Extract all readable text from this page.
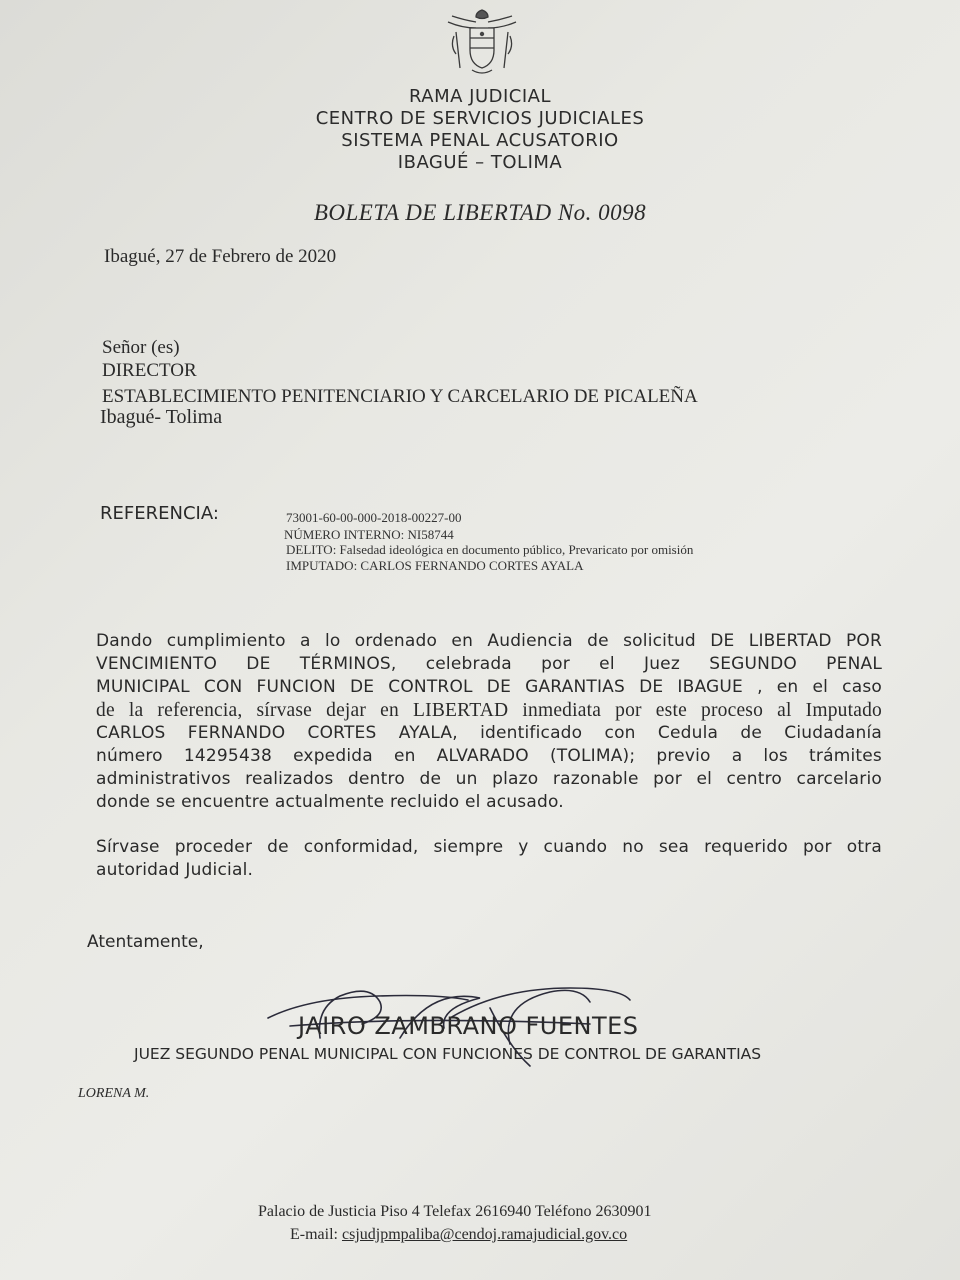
RAMA JUDICIAL
CENTRO DE SERVICIOS JUDICIALES
SISTEMA PENAL ACUSATORIO
IBAGUÉ – TOLIMA
BOLETA DE LIBERTAD No. 0098
Ibagué, 27 de Febrero de 2020
Señor (es)
DIRECTOR
ESTABLECIMIENTO PENITENCIARIO Y CARCELARIO DE PICALEÑA
Ibagué- Tolima
REFERENCIA:	73001-60-00-000-2018-00227-00
NÚMERO INTERNO: NI58744
DELITO: Falsedad ideológica en documento público, Prevaricato por omisión
IMPUTADO: CARLOS FERNANDO CORTES AYALA
Dando cumplimiento a lo ordenado en Audiencia de solicitud DE LIBERTAD POR
VENCIMIENTO DE TÉRMINOS, celebrada por el Juez SEGUNDO PENAL
MUNICIPAL CON FUNCION DE CONTROL DE GARANTIAS DE IBAGUE , en el caso
de la referencia, sírvase dejar en LIBERTAD inmediata por este proceso al Imputado
CARLOS FERNANDO CORTES AYALA, identificado con Cedula de Ciudadanía
número 14295438 expedida en ALVARADO (TOLIMA); previo a los trámites
administrativos realizados dentro de un plazo razonable por el centro carcelario
donde se encuentre actualmente recluido el acusado.
Sírvase proceder de conformidad, siempre y cuando no sea requerido por otra
autoridad Judicial.
Atentamente,
JAIRO ZAMBRANO FUENTES
JUEZ SEGUNDO PENAL MUNICIPAL CON FUNCIONES DE CONTROL DE GARANTIAS
LORENA M.
Palacio de Justicia Piso 4 Telefax 2616940 Teléfono 2630901
E-mail: csjudjpmpaliba@cendoj.ramajudicial.gov.co
